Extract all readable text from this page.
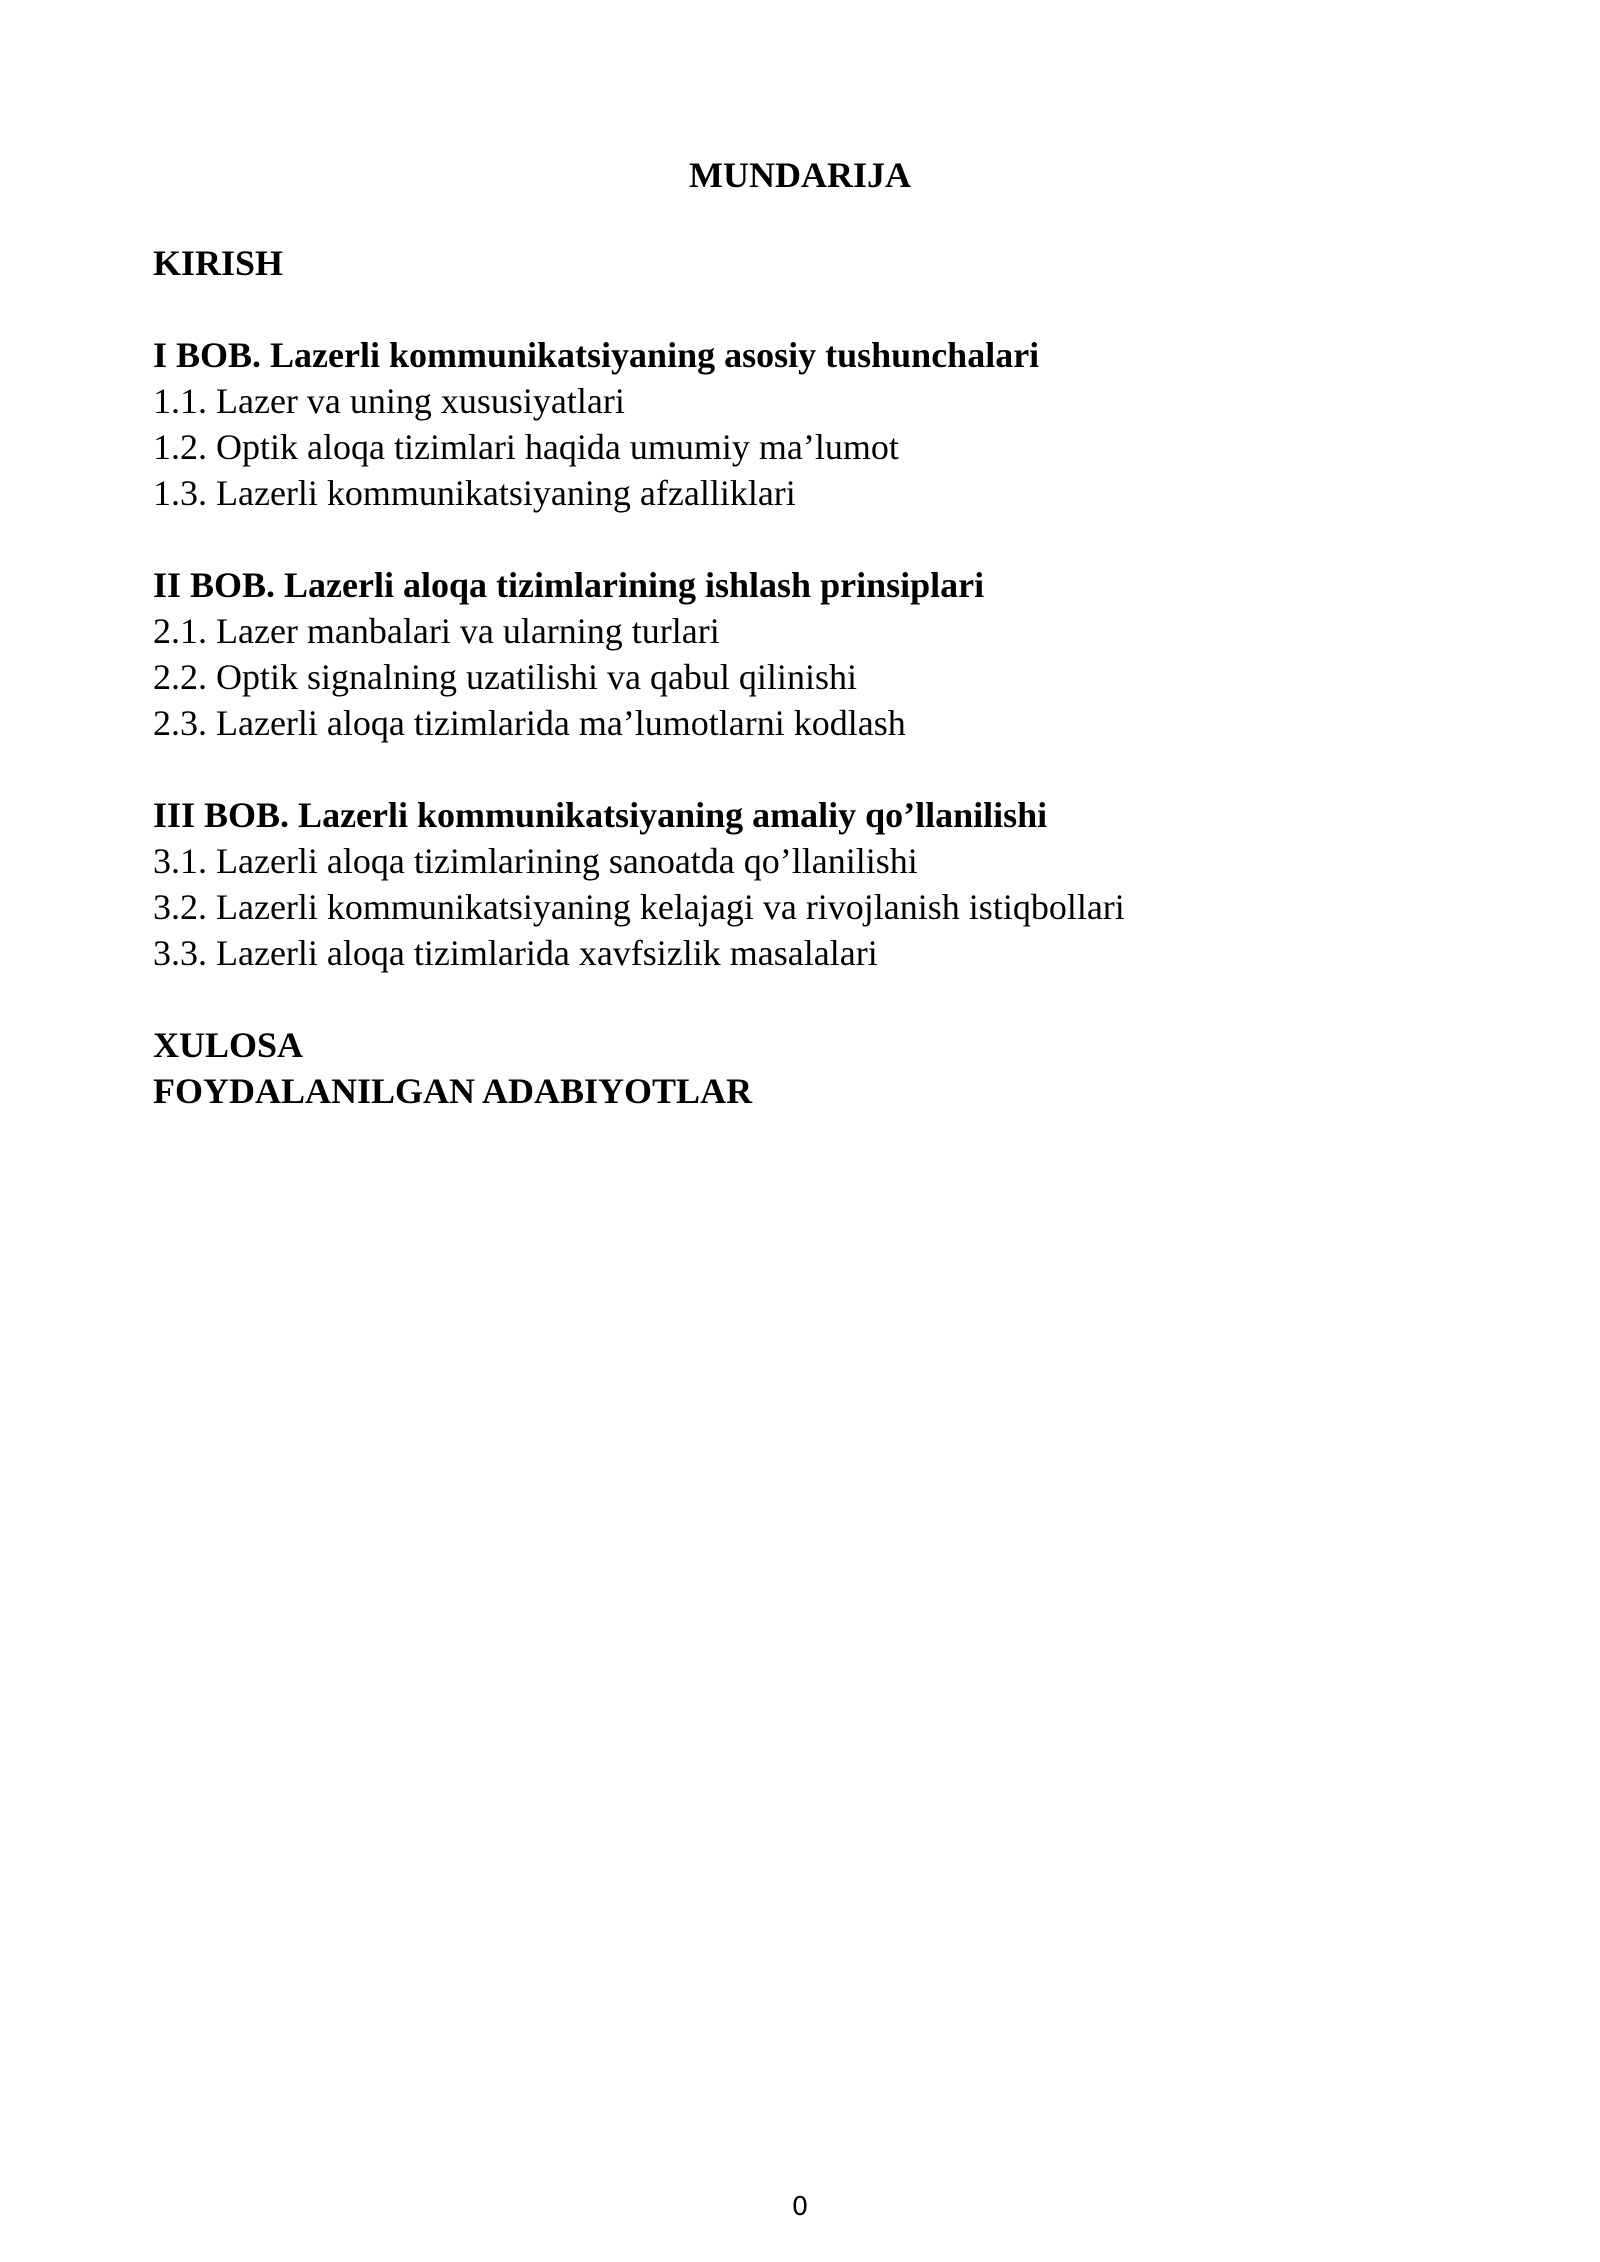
MUNDARIJA
KIRISH
I BOB. Lazerli kommunikatsiyaning asosiy tushunchalari
1.1. Lazer va uning xususiyatlari
1.2. Optik aloqa tizimlari haqida umumiy ma’lumot
1.3. Lazerli kommunikatsiyaning afzalliklari
II BOB. Lazerli aloqa tizimlarining ishlash prinsiplari
2.1. Lazer manbalari va ularning turlari
2.2. Optik signalning uzatilishi va qabul qilinishi
2.3. Lazerli aloqa tizimlarida ma’lumotlarni kodlash
III BOB. Lazerli kommunikatsiyaning amaliy qo’llanilishi
3.1. Lazerli aloqa tizimlarining sanoatda qo’llanilishi
3.2. Lazerli kommunikatsiyaning kelajagi va rivojlanish istiqbollari
3.3. Lazerli aloqa tizimlarida xavfsizlik masalalari
XULOSA
FOYDALANILGAN ADABIYOTLAR
0
